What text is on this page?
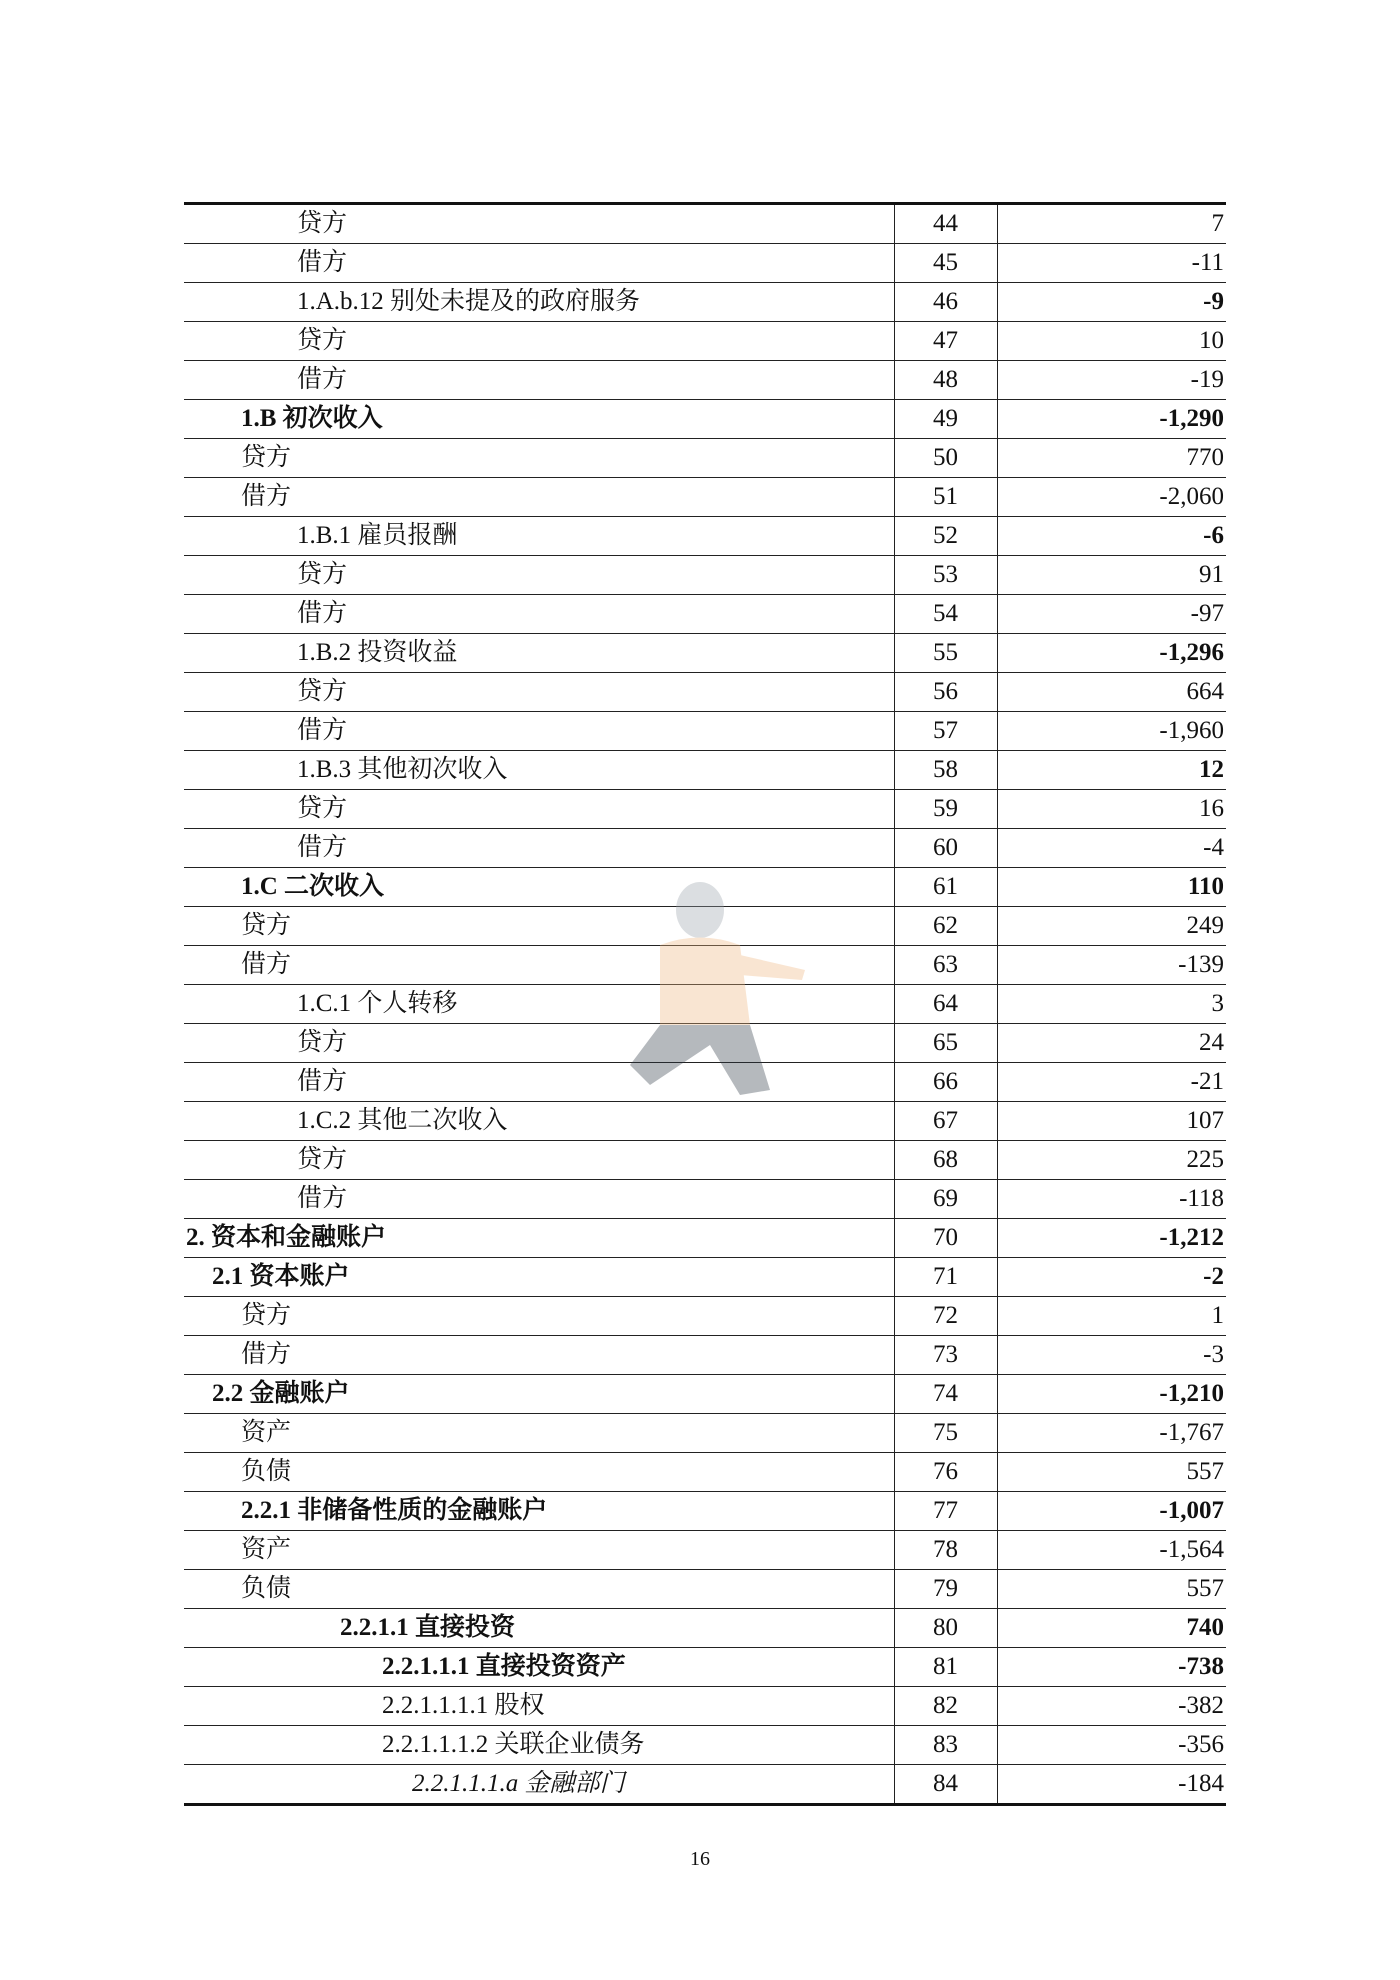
贷方	44	7
借方	45	-11
1.A.b.12 别处未提及的政府服务	46	-9
贷方	47	10
借方	48	-19
1.B 初次收入	49	-1,290
贷方	50	770
借方	51	-2,060
1.B.1 雇员报酬	52	-6
贷方	53	91
借方	54	-97
1.B.2 投资收益	55	-1,296
贷方	56	664
借方	57	-1,960
1.B.3 其他初次收入	58	12
贷方	59	16
借方	60	-4
1.C 二次收入	61	110
贷方	62	249
借方	63	-139
1.C.1 个人转移	64	3
贷方	65	24
借方	66	-21
1.C.2 其他二次收入	67	107
贷方	68	225
借方	69	-118
2. 资本和金融账户	70	-1,212
2.1 资本账户	71	-2
贷方	72	1
借方	73	-3
2.2 金融账户	74	-1,210
资产	75	-1,767
负债	76	557
2.2.1 非储备性质的金融账户	77	-1,007
资产	78	-1,564
负债	79	557
2.2.1.1 直接投资	80	740
2.2.1.1.1 直接投资资产	81	-738
2.2.1.1.1.1 股权	82	-382
2.2.1.1.1.2 关联企业债务	83	-356
2.2.1.1.1.a 金融部门	84	-184
16
